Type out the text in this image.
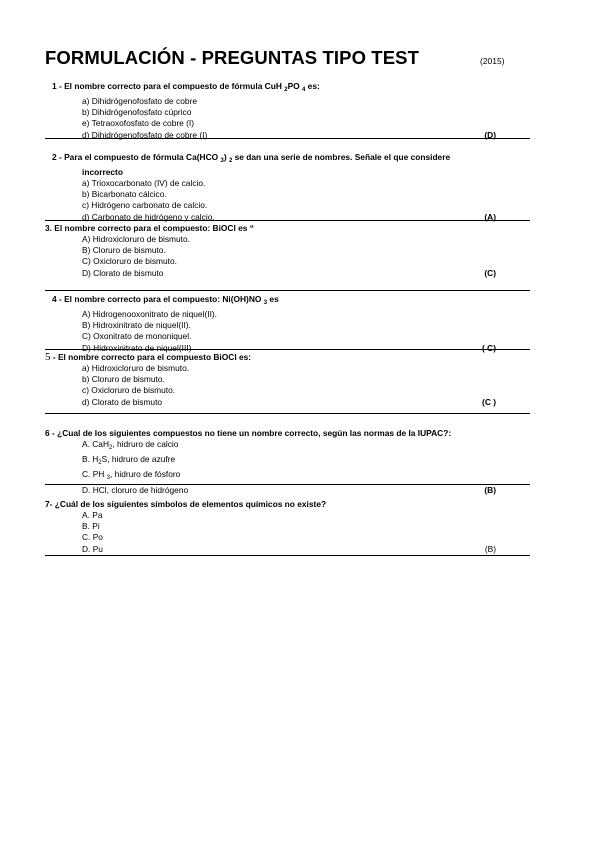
FORMULACIÓN - PREGUNTAS TIPO TEST	(2015)
1 - El nombre correcto para el compuesto de fórmula CuH $_2$PO $_4$ es:
a) Dihidrógenofosfato de cobre
b) Dihidrógenofosfato cúprico
e) Tetraoxofosfato de cobre (I)
d) Dihidrógenofosfato de cobre (I)	(D)
2 - Para el compuesto de fórmula Ca(HCO $_3$) $_2$ se dan una serie de nombres. Señale el que considere
incorrecto
a) Trioxocarbonato (IV) de calcio.
b) Bicarbonato cálcico.
c) Hidrógeno carbonato de calcio.
d) Carbonato de hidrógeno y calcio.	(A)
3. El nombre correcto para el compuesto: BiOCl es “
A) Hidroxicloruro de bismuto.
B) Cloruro de bismuto.
C) Oxicloruro de bismuto.
D) Clorato de bismuto	(C)
4 - El nombre correcto para el compuesto: Ni(OH)NO $_3$ es
A) Hidrogenooxonitrato de niquel(II).
B) Hidroxinitrato de niquel(II).
C) Oxonitrato de mononiquel.
D) Hidroxinitrato de niquel(III)	( C)
5 - El nombre correcto para el compuesto BiOCl es:
a) Hidroxicloruro de bismuto.
b) Cloruro de bismuto.
c) Oxicloruro de bismuto.
d) Clorato de bismuto	(C )
6 - ¿Cual de los siguientes compuestos no tiene un nombre correcto, según las normas de la IUPAC?:
A. CaH$_2$, hidruro de calcio
B. $H_2S$, hidruro de azufre
C. PH $_3$, hidruro de fósforo
D. HCl, cloruro de hidrógeno	(B)
7- ¿Cuál de los siguientes símbolos de elementos químicos no existe?
A. Pa
B. Pi
C. Po
D. Pu	(B)
